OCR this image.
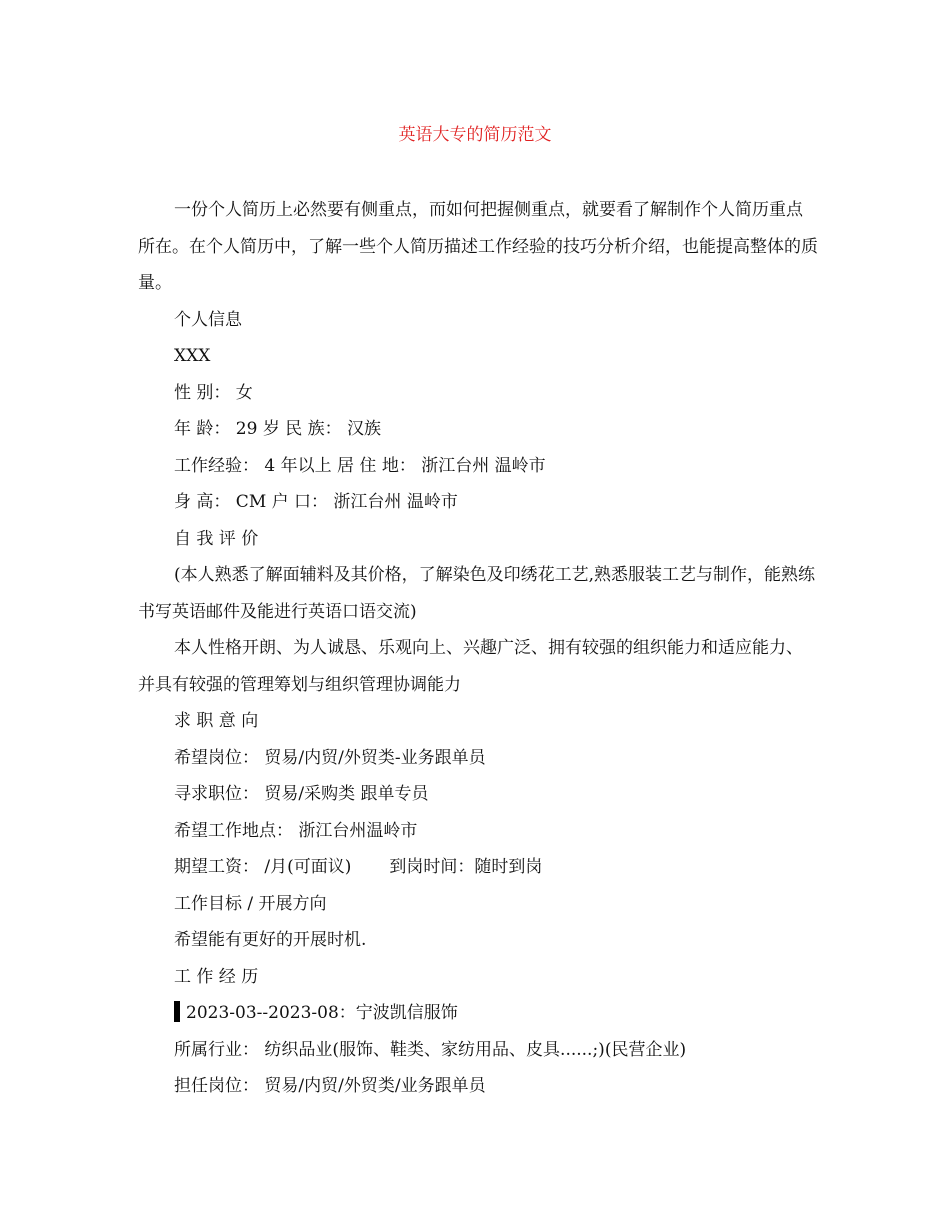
英语大专的简历范文

一份个人简历上必然要有侧重点，而如何把握侧重点，就要看了解制作个人简历重点所在。在个人简历中，了解一些个人简历描述工作经验的技巧分析介绍，也能提高整体的质量。

个人信息

XXX

性 别： 女

年 龄： 29 岁 民 族： 汉族

工作经验： 4 年以上 居 住 地： 浙江台州 温岭市

身 高： CM 户 口： 浙江台州 温岭市

自 我 评 价

(本人熟悉了解面辅料及其价格，了解染色及印绣花工艺,熟悉服装工艺与制作，能熟练书写英语邮件及能进行英语口语交流)

本人性格开朗、为人诚恳、乐观向上、兴趣广泛、拥有较强的组织能力和适应能力、并具有较强的管理筹划与组织管理协调能力

求 职 意 向

希望岗位： 贸易/内贸/外贸类-业务跟单员

寻求职位： 贸易/采购类 跟单专员

希望工作地点： 浙江台州温岭市

期望工资： /月(可面议) 到岗时间：随时到岗

工作目标 / 开展方向

希望能有更好的开展时机.

工 作 经 历

2023-03--2023-08：宁波凯信服饰

所属行业： 纺织品业(服饰、鞋类、家纺用品、皮具......;)(民营企业)

担任岗位： 贸易/内贸/外贸类/业务跟单员
